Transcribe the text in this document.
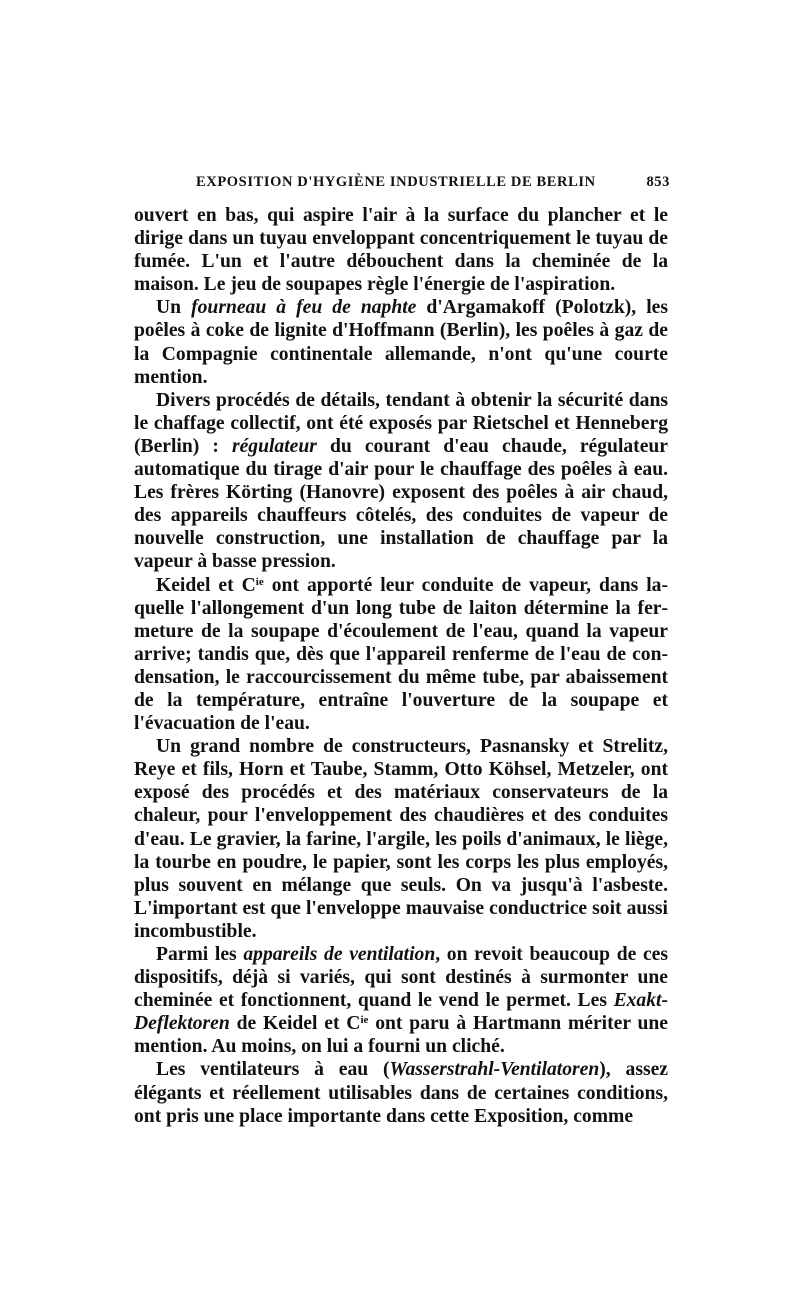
EXPOSITION D'HYGIÈNE INDUSTRIELLE DE BERLIN	853

ouvert en bas, qui aspire l'air à la surface du plancher et le dirige dans un tuyau enveloppant concentriquement le tuyau de fumée. L'un et l'autre débouchent dans la cheminée de la maison. Le jeu de soupapes règle l'énergie de l'aspiration.

Un fourneau à feu de naphte d'Argamakoff (Polotzk), les poêles à coke de lignite d'Hoffmann (Berlin), les poêles à gaz de la Compagnie continentale allemande, n'ont qu'une courte mention.

Divers procédés de détails, tendant à obtenir la sécurité dans le chaffage collectif, ont été exposés par Rietschel et Henneberg (Berlin) : régulateur du courant d'eau chaude, régulateur automatique du tirage d'air pour le chauffage des poêles à eau. Les frères Körting (Hanovre) exposent des poêles à air chaud, des appareils chauffeurs côtelés, des conduites de vapeur de nouvelle construction, une installation de chauffage par la vapeur à basse pression.

Keidel et $C^{ie}$ ont apporté leur conduite de vapeur, dans laquelle l'allongement d'un long tube de laiton détermine la fermeture de la soupape d'écoulement de l'eau, quand la vapeur arrive; tandis que, dès que l'appareil renferme de l'eau de condensation, le raccourcissement du même tube, par abaissement de la température, entraîne l'ouverture de la soupape et l'évacuation de l'eau.

Un grand nombre de constructeurs, Pasnansky et Strelitz, Reye et fils, Horn et Taube, Stamm, Otto Köhsel, Metzeler, ont exposé des procédés et des matériaux conservateurs de la chaleur, pour l'enveloppement des chaudières et des conduites d'eau. Le gravier, la farine, l'argile, les poils d'animaux, le liège, la tourbe en poudre, le papier, sont les corps les plus employés, plus souvent en mélange que seuls. On va jusqu'à l'asbeste. L'important est que l'enveloppe mauvaise conductrice soit aussi incombustible.

Parmi les appareils de ventilation, on revoit beaucoup de ces dispositifs, déjà si variés, qui sont destinés à surmonter une cheminée et fonctionnent, quand le vend le permet. Les Exakt-Deflektoren de Keidel et $C^{ie}$ ont paru à Hartmann mériter une mention. Au moins, on lui a fourni un cliché.

Les ventilateurs à eau (Wasserstrahl-Ventilatoren), assez élégants et réellement utilisables dans de certaines conditions, ont pris une place importante dans cette Exposition, comme
